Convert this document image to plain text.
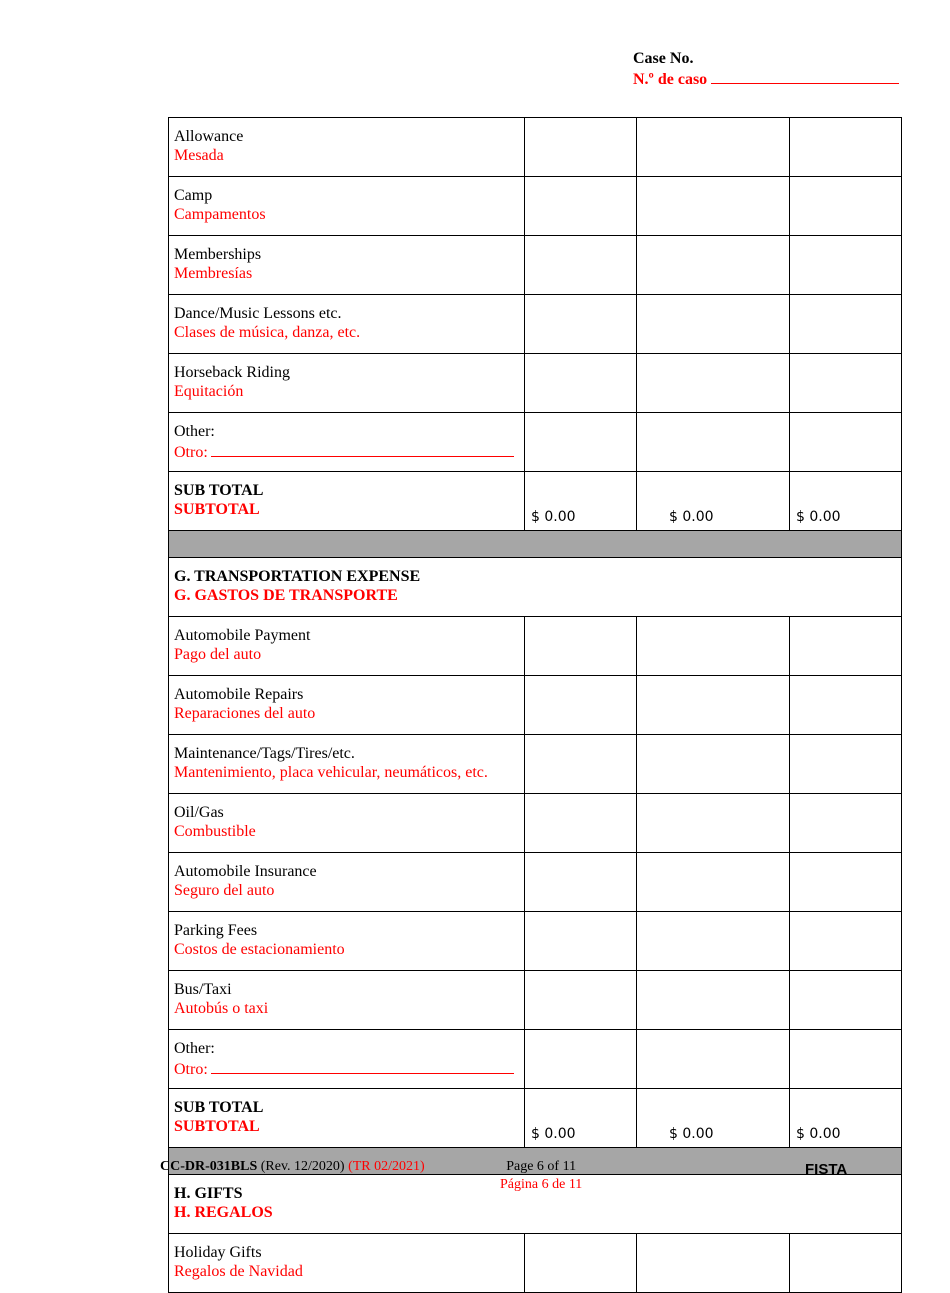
Case No.
N.º de caso
Allowance
Mesada			

Camp
Campamentos			

Memberships
Membresías			

Dance/Music Lessons etc.
Clases de música, danza, etc.			

Horseback Riding
Equitación			

Other:
Otro:			

SUB TOTAL
SUBTOTAL	$ 0.00	$ 0.00	$ 0.00

G. TRANSPORTATION EXPENSE
G. GASTOS DE TRANSPORTE			

Automobile Payment
Pago del auto			

Automobile Repairs
Reparaciones del auto			

Maintenance/Tags/Tires/etc.
Mantenimiento, placa vehicular, neumáticos, etc.			

Oil/Gas
Combustible			

Automobile Insurance
Seguro del auto			

Parking Fees
Costos de estacionamiento			

Bus/Taxi
Autobús o taxi			

Other:
Otro:			

SUB TOTAL
SUBTOTAL	$ 0.00	$ 0.00	$ 0.00

H. GIFTS
H. REGALOS			

Holiday Gifts
Regalos de Navidad			

CC-DR-031BLS (Rev. 12/2020) (TR 02/2021)	Page 6 of 11
Página 6 de 11
FISTA
